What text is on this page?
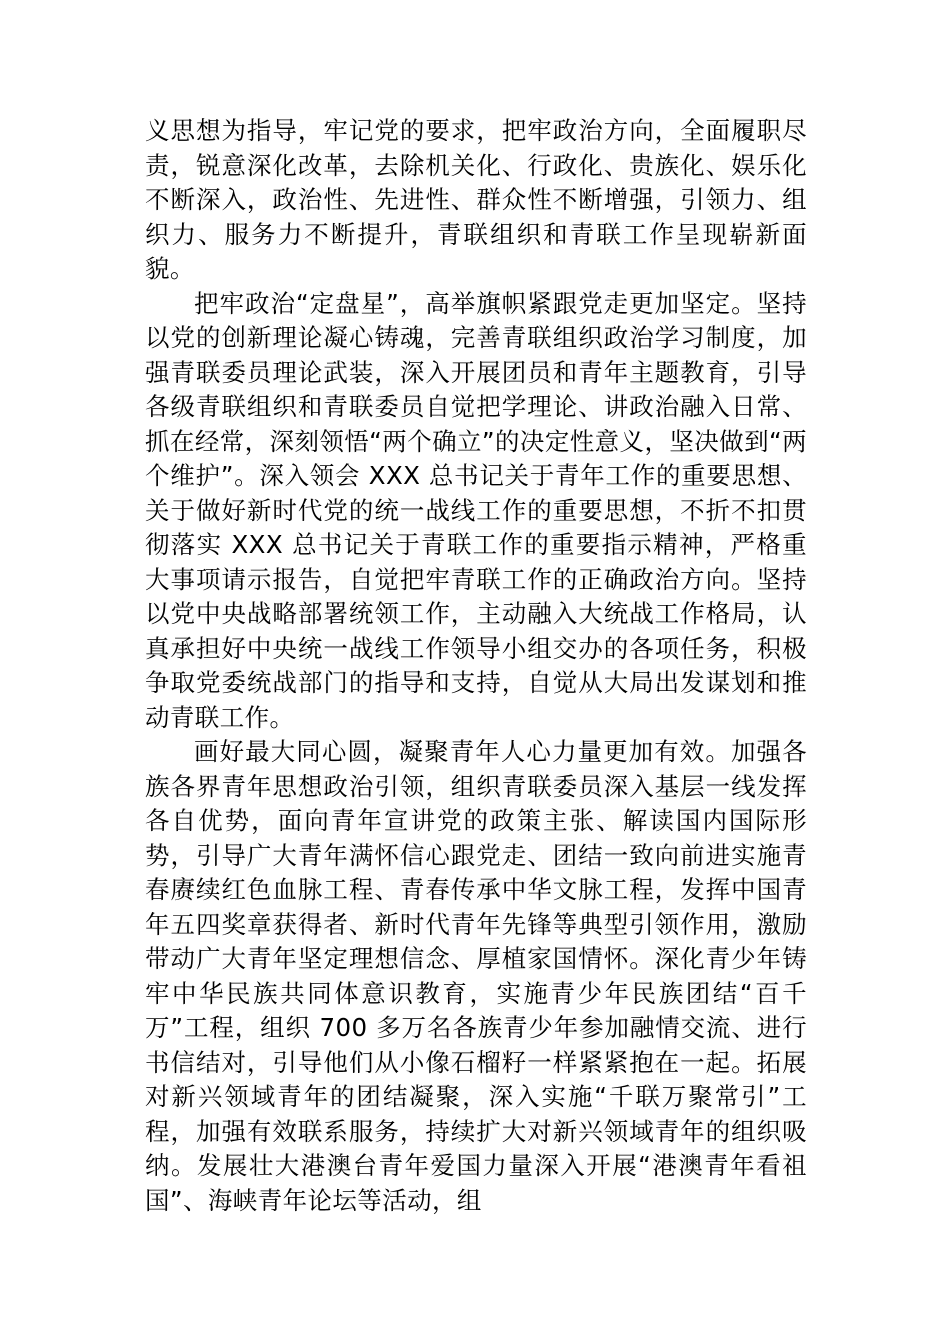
义思想为指导，牢记党的要求，把牢政治方向，全面履职尽责，锐意深化改革，去除机关化、行政化、贵族化、娱乐化不断深入，政治性、先进性、群众性不断增强，引领力、组织力、服务力不断提升，青联组织和青联工作呈现崭新面貌。

把牢政治“定盘星”，高举旗帜紧跟党走更加坚定。坚持以党的创新理论凝心铸魂，完善青联组织政治学习制度，加强青联委员理论武装，深入开展团员和青年主题教育，引导各级青联组织和青联委员自觉把学理论、讲政治融入日常、抓在经常，深刻领悟“两个确立”的决定性意义，坚决做到“两个维护”。深入领会 XXX 总书记关于青年工作的重要思想、关于做好新时代党的统一战线工作的重要思想，不折不扣贯彻落实 XXX 总书记关于青联工作的重要指示精神，严格重大事项请示报告，自觉把牢青联工作的正确政治方向。坚持以党中央战略部署统领工作，主动融入大统战工作格局，认真承担好中央统一战线工作领导小组交办的各项任务，积极争取党委统战部门的指导和支持，自觉从大局出发谋划和推动青联工作。

画好最大同心圆，凝聚青年人心力量更加有效。加强各族各界青年思想政治引领，组织青联委员深入基层一线发挥各自优势，面向青年宣讲党的政策主张、解读国内国际形势，引导广大青年满怀信心跟党走、团结一致向前进实施青春赓续红色血脉工程、青春传承中华文脉工程，发挥中国青年五四奖章获得者、新时代青年先锋等典型引领作用，激励带动广大青年坚定理想信念、厚植家国情怀。深化青少年铸牢中华民族共同体意识教育，实施青少年民族团结“百千万”工程，组织 700 多万名各族青少年参加融情交流、进行书信结对，引导他们从小像石榴籽一样紧紧抱在一起。拓展对新兴领域青年的团结凝聚，深入实施“千联万聚常引”工程，加强有效联系服务，持续扩大对新兴领域青年的组织吸纳。发展壮大港澳台青年爱国力量深入开展“港澳青年看祖国”、海峡青年论坛等活动，组
